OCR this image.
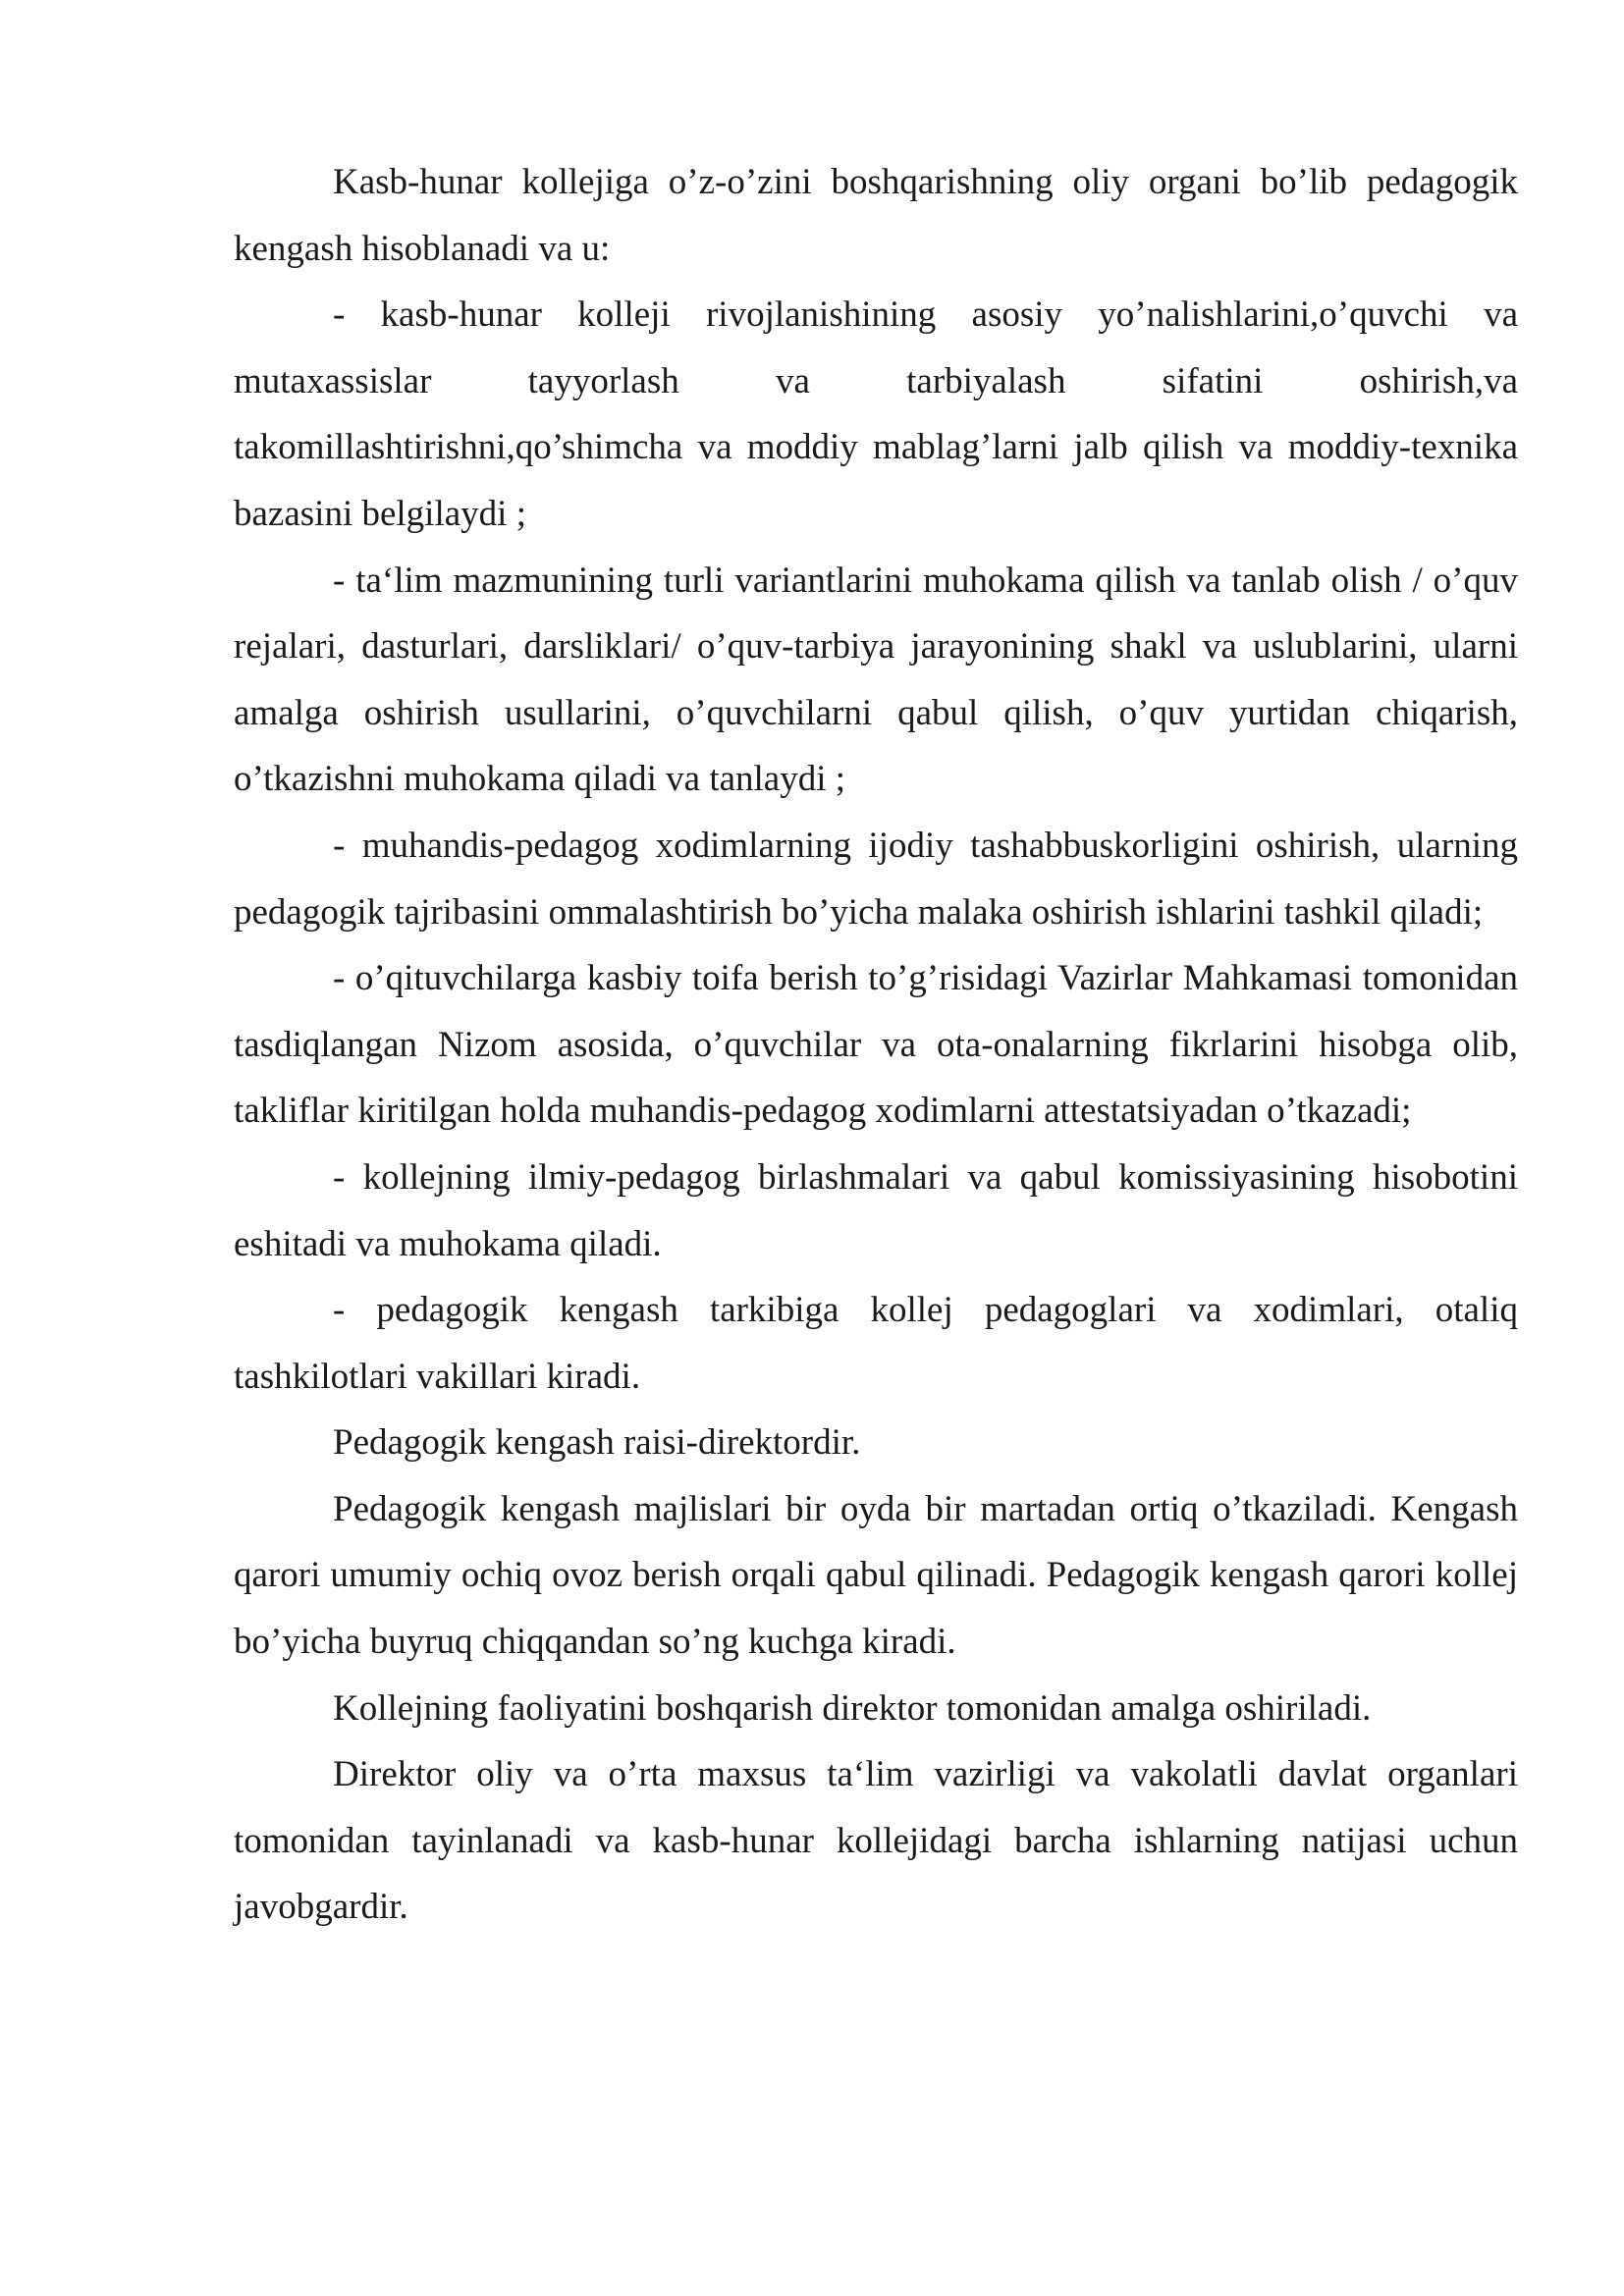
Kasb-hunar kollejiga o’z-o’zini boshqarishning oliy organi bo’lib pedagogik kengash hisoblanadi va u:

- kasb-hunar kolleji rivojlanishining asosiy yo’nalishlarini,o’quvchi va mutaxassislar tayyorlash va tarbiyalash sifatini oshirish,va takomillashtirishni,qo’shimcha va moddiy mablag’larni jalb qilish va moddiy-texnika bazasini belgilaydi ;

- ta‘lim mazmunining turli variantlarini muhokama qilish va tanlab olish / o’quv rejalari, dasturlari, darsliklari/ o’quv-tarbiya jarayonining shakl va uslublarini, ularni amalga oshirish usullarini, o’quvchilarni qabul qilish, o’quv yurtidan chiqarish, o’tkazishni muhokama qiladi va tanlaydi ;

- muhandis-pedagog xodimlarning ijodiy tashabbuskorligini oshirish, ularning pedagogik tajribasini ommalashtirish bo’yicha malaka oshirish ishlarini tashkil qiladi;

- o’qituvchilarga kasbiy toifa berish to’g’risidagi Vazirlar Mahkamasi tomonidan tasdiqlangan Nizom asosida, o’quvchilar va ota-onalarning fikrlarini hisobga olib, takliflar kiritilgan holda muhandis-pedagog xodimlarni attestatsiyadan o’tkazadi;

- kollejning ilmiy-pedagog birlashmalari va qabul komissiyasining hisobotini eshitadi va muhokama qiladi.

- pedagogik kengash tarkibiga kollej pedagoglari va xodimlari, otaliq tashkilotlari vakillari kiradi.

Pedagogik kengash raisi-direktordir.

Pedagogik kengash majlislari bir oyda bir martadan ortiq o’tkaziladi. Kengash qarori umumiy ochiq ovoz berish orqali qabul qilinadi. Pedagogik kengash qarori kollej bo’yicha buyruq chiqqandan so’ng kuchga kiradi.

Kollejning faoliyatini boshqarish direktor tomonidan amalga oshiriladi.

Direktor oliy va o’rta maxsus ta‘lim vazirligi va vakolatli davlat organlari tomonidan tayinlanadi va kasb-hunar kollejidagi barcha ishlarning natijasi uchun javobgardir.
